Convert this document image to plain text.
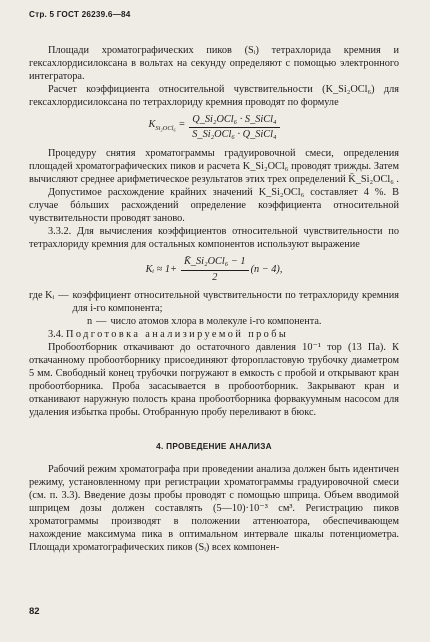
Стр. 5 ГОСТ 26239.6—84

Площади хроматографических пиков (Sᵢ) тетрахлорида кремния и гексахлордисилоксана в вольтах на секунду определяют с помощью электронного интегратора.

Расчет коэффициента относительной чувствительности (K_Si₂OCl₆) для гексахлордисилоксана по тетрахлориду кремния проводят по формуле

$K_{Si_2OCl_6} = \frac{\text{Q\_Si₂OCl₆ · S\_SiCl₄}}{\text{S\_Si₂OCl₆ · Q\_SiCl₄}}$

Процедуру снятия хроматограммы градуировочной смеси, определения площадей хроматографических пиков и расчета K_Si₂OCl₆ проводят трижды. Затем вычисляют среднее арифметическое результатов этих трех определений K̄_Si₂OCl₆ .

Допустимое расхождение крайних значений K_Si₂OCl₆ составляет 4 %. В случае бóльших расхождений определение коэффициента относительной чувствительности проводят заново.

3.3.2. Для вычисления коэффициентов относительной чувствительности по тетрахлориду кремния для остальных компонентов используют выражение

Kᵢ ≈ $1+ \frac{\text{K̄\_Si₂OCl₆ − 1}}{2} (n - 4)$,
где Kᵢ — коэффициент относительной чувствительности по тетрахлориду кремния для i-го компонента;
n — число атомов хлора в молекуле i-го компонента.

3.4. Подготовка анализируемой пробы

Пробоотборник откачивают до остаточного давления 10⁻¹ тор (13 Па). К откачанному пробоотборнику присоединяют фторопластовую трубочку диаметром 5 мм. Свободный конец трубочки погружают в емкость с пробой и открывают кран пробоотборника. Проба засасывается в пробоотборник. Закрывают кран и отканивают наружную полость крана пробоотборника форвакуумным насосом для удаления избытка пробы. Отобранную пробу переливают в бюкс.

4. ПРОВЕДЕНИЕ АНАЛИЗА

Рабочий режим хроматографа при проведении анализа должен быть идентичен режиму, установленному при регистрации хроматограммы градуировочной смеси (см. п. 3.3). Введение дозы пробы проводят с помощью шприца. Объем вводимой шприцем дозы должен составлять (5—10)·10⁻³ см³. Регистрацию пиков хроматограммы производят в положении аттенюатора, обеспечивающем нахождение максимума пика в оптимальном интервале шкалы потенциометра. Площади хроматографических пиков (Sᵢ) всех компонен-

82
